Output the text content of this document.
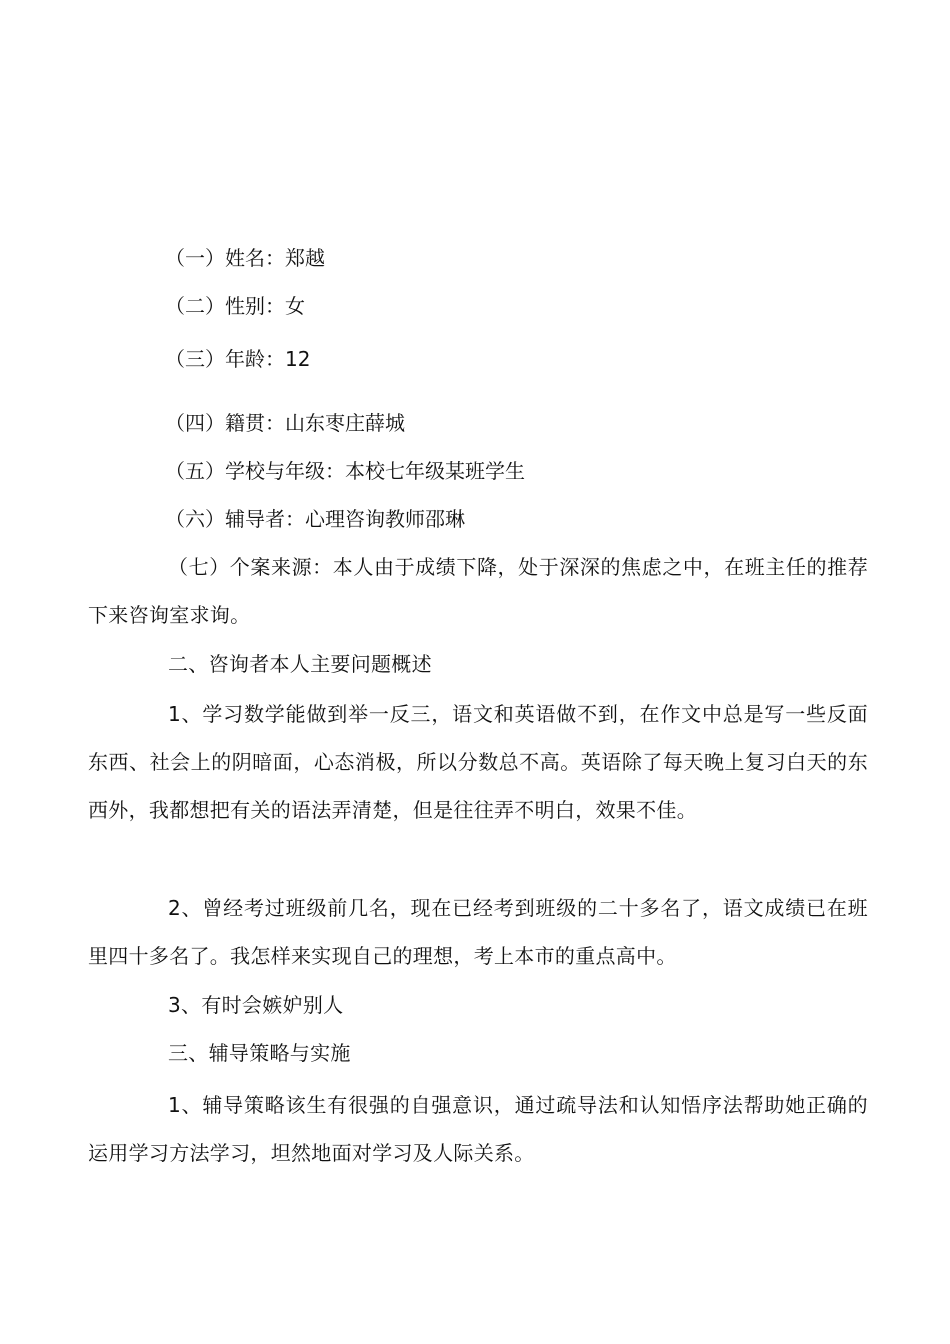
（一）姓名：郑越
（二）性别：女
（三）年龄：12
（四）籍贯：山东枣庄薛城
（五）学校与年级：本校七年级某班学生
（六）辅导者：心理咨询教师邵琳

（七）个案来源：本人由于成绩下降，处于深深的焦虑之中，在班主任的推荐下来咨询室求询。

二、咨询者本人主要问题概述

1、学习数学能做到举一反三，语文和英语做不到，在作文中总是写一些反面东西、社会上的阴暗面，心态消极，所以分数总不高。英语除了每天晚上复习白天的东西外，我都想把有关的语法弄清楚，但是往往弄不明白，效果不佳。

2、曾经考过班级前几名，现在已经考到班级的二十多名了，语文成绩已在班里四十多名了。我怎样来实现自己的理想，考上本市的重点高中。

3、有时会嫉妒别人

三、辅导策略与实施

1、辅导策略该生有很强的自强意识，通过疏导法和认知悟序法帮助她正确的运用学习方法学习，坦然地面对学习及人际关系。
